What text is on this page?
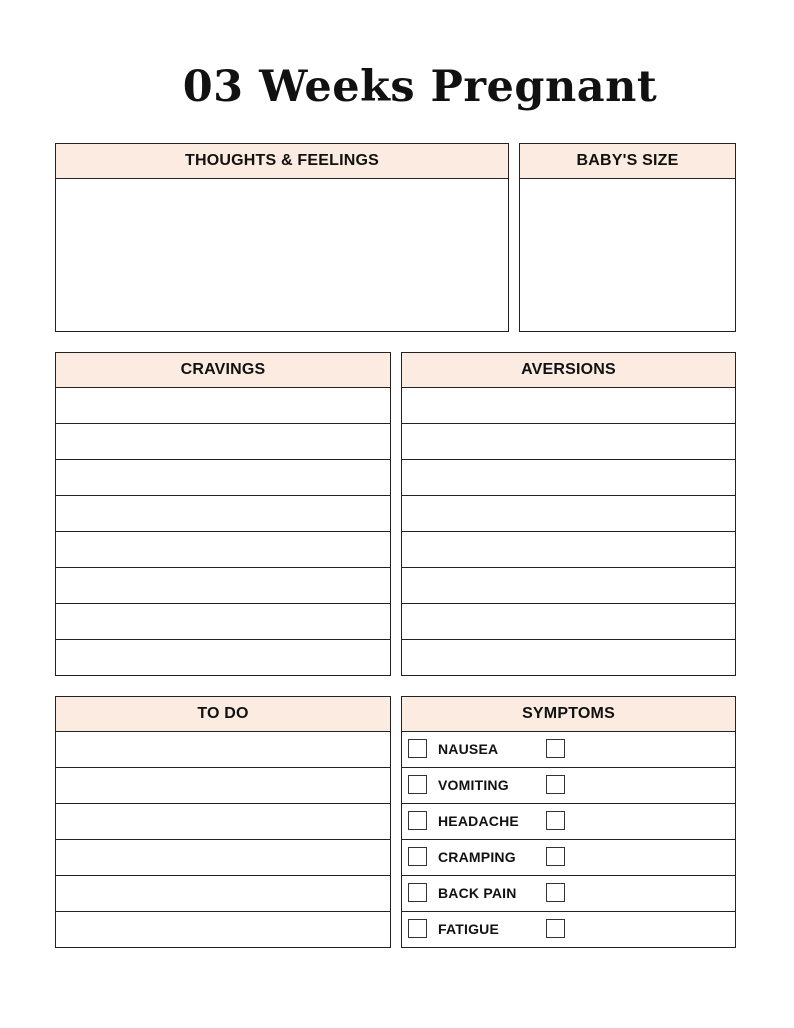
03 Weeks Pregnant
THOUGHTS & FEELINGS	BABY'S SIZE
CRAVINGS	AVERSIONS
TO DO	SYMPTOMS
NAUSEA
VOMITING
HEADACHE
CRAMPING
BACK PAIN
FATIGUE
